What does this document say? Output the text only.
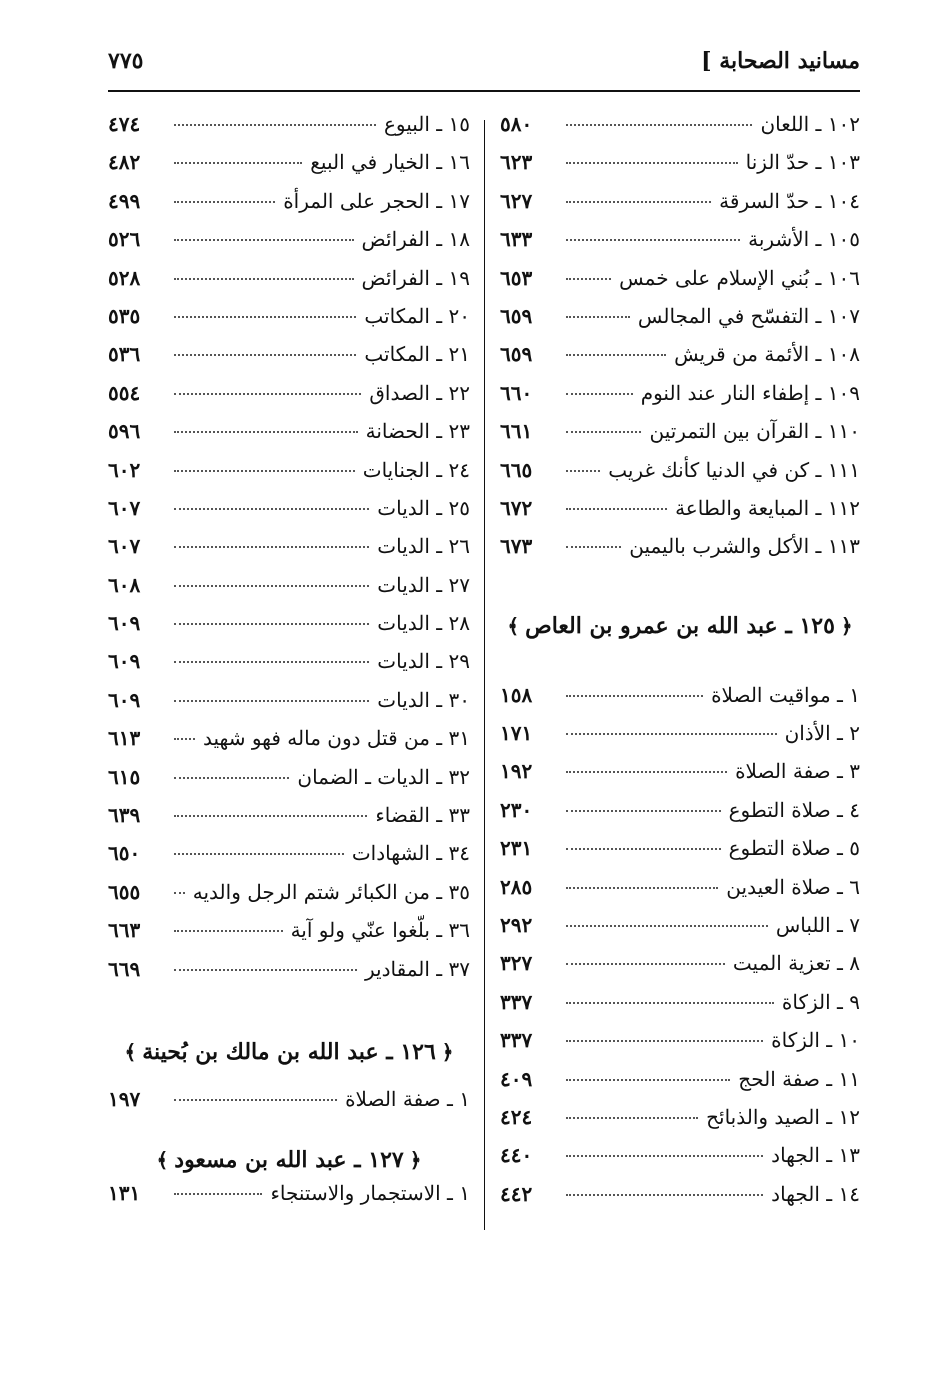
مسانيد الصحابة ]
٧٧٥
١٠٢ ـ اللعان
٥٨٠
١٠٣ ـ حدّ الزنا
٦٢٣
١٠٤ ـ حدّ السرقة
٦٢٧
١٠٥ ـ الأشربة
٦٣٣
١٠٦ ـ بُني الإسلام على خمس
٦٥٣
١٠٧ ـ التفسّح في المجالس
٦٥٩
١٠٨ ـ الأئمة من قريش
٦٥٩
١٠٩ ـ إطفاء النار عند النوم
٦٦٠
١١٠ ـ القرآن بين التمرتين
٦٦١
١١١ ـ كن في الدنيا كأنك غريب
٦٦٥
١١٢ ـ المبايعة والطاعة
٦٧٢
١١٣ ـ الأكل والشرب باليمين
٦٧٣
﴿
١٢٥ ـ عبد الله بن عمرو بن العاص
﴾
١ ـ مواقيت الصلاة
١٥٨
٢ ـ الأذان
١٧١
٣ ـ صفة الصلاة
١٩٢
٤ ـ صلاة التطوع
٢٣٠
٥ ـ صلاة التطوع
٢٣١
٦ ـ صلاة العيدين
٢٨٥
٧ ـ اللباس
٢٩٢
٨ ـ تعزية الميت
٣٢٧
٩ ـ الزكاة
٣٣٧
١٠ ـ الزكاة
٣٣٧
١١ ـ صفة الحج
٤٠٩
١٢ ـ الصيد والذبائح
٤٢٤
١٣ ـ الجهاد
٤٤٠
١٤ ـ الجهاد
٤٤٢
١٥ ـ البيوع
٤٧٤
١٦ ـ الخيار في البيع
٤٨٢
١٧ ـ الحجر على المرأة
٤٩٩
١٨ ـ الفرائض
٥٢٦
١٩ ـ الفرائض
٥٢٨
٢٠ ـ المكاتب
٥٣٥
٢١ ـ المكاتب
٥٣٦
٢٢ ـ الصداق
٥٥٤
٢٣ ـ الحضانة
٥٩٦
٢٤ ـ الجنايات
٦٠٢
٢٥ ـ الديات
٦٠٧
٢٦ ـ الديات
٦٠٧
٢٧ ـ الديات
٦٠٨
٢٨ ـ الديات
٦٠٩
٢٩ ـ الديات
٦٠٩
٣٠ ـ الديات
٦٠٩
٣١ ـ من قتل دون ماله فهو شهيد
٦١٣
٣٢ ـ الديات ـ الضمان
٦١٥
٣٣ ـ القضاء
٦٣٩
٣٤ ـ الشهادات
٦٥٠
٣٥ ـ من الكبائر شتم الرجل والديه
٦٥٥
٣٦ ـ بلّغوا عنّي ولو آية
٦٦٣
٣٧ ـ المقادير
٦٦٩
﴿
١٢٦ ـ عبد الله بن مالك بن بُحينة
﴾
١ ـ صفة الصلاة
١٩٧
﴿
١٢٧ ـ عبد الله بن مسعود
﴾
١ ـ الاستجمار والاستنجاء
١٣١
